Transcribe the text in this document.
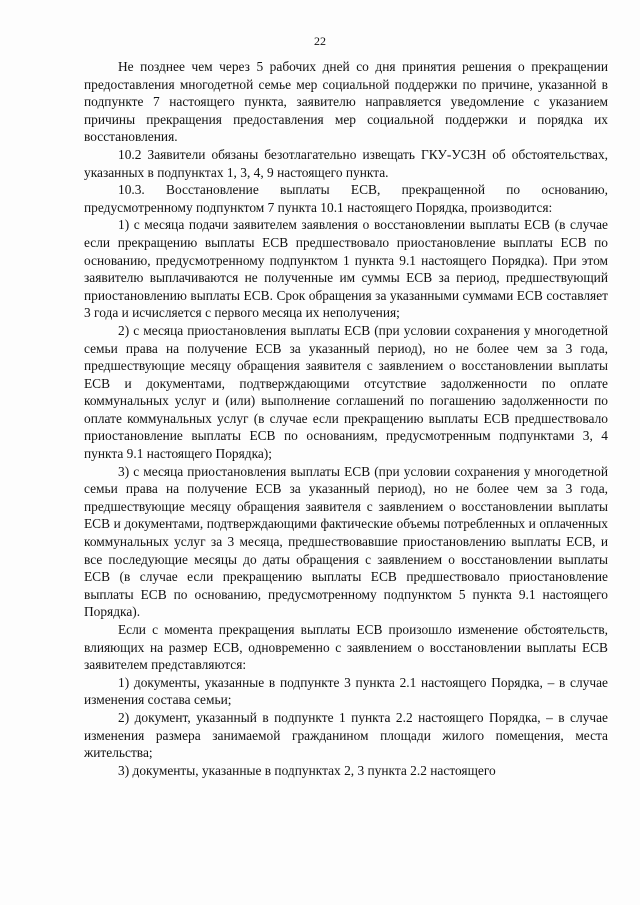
22

Не позднее чем через 5 рабочих дней со дня принятия решения о прекращении предоставления многодетной семье мер социальной поддержки по причине, указанной в подпункте 7 настоящего пункта, заявителю направляется уведомление с указанием причины прекращения предоставления мер социальной поддержки и порядка их восстановления.

10.2 Заявители обязаны безотлагательно извещать ГКУ-УСЗН об обстоятельствах, указанных в подпунктах 1, 3, 4, 9 настоящего пункта.

10.3. Восстановление выплаты ЕСВ, прекращенной по основанию, предусмотренному подпунктом 7 пункта 10.1 настоящего Порядка, производится:

1) с месяца подачи заявителем заявления о восстановлении выплаты ЕСВ (в случае если прекращению выплаты ЕСВ предшествовало приостановление выплаты ЕСВ по основанию, предусмотренному подпунктом 1 пункта 9.1 настоящего Порядка). При этом заявителю выплачиваются не полученные им суммы ЕСВ за период, предшествующий приостановлению выплаты ЕСВ. Срок обращения за указанными суммами ЕСВ составляет 3 года и исчисляется с первого месяца их неполучения;

2) с месяца приостановления выплаты ЕСВ (при условии сохранения у многодетной семьи права на получение ЕСВ за указанный период), но не более чем за 3 года, предшествующие месяцу обращения заявителя с заявлением о восстановлении выплаты ЕСВ и документами, подтверждающими отсутствие задолженности по оплате коммунальных услуг и (или) выполнение соглашений по погашению задолженности по оплате коммунальных услуг (в случае если прекращению выплаты ЕСВ предшествовало приостановление выплаты ЕСВ по основаниям, предусмотренным подпунктами 3, 4 пункта 9.1 настоящего Порядка);

3) с месяца приостановления выплаты ЕСВ (при условии сохранения у многодетной семьи права на получение ЕСВ за указанный период), но не более чем за 3 года, предшествующие месяцу обращения заявителя с заявлением о восстановлении выплаты ЕСВ и документами, подтверждающими фактические объемы потребленных и оплаченных коммунальных услуг за 3 месяца, предшествовавшие приостановлению выплаты ЕСВ, и все последующие месяцы до даты обращения с заявлением о восстановлении выплаты ЕСВ (в случае если прекращению выплаты ЕСВ предшествовало приостановление выплаты ЕСВ по основанию, предусмотренному подпунктом 5 пункта 9.1 настоящего Порядка).

Если с момента прекращения выплаты ЕСВ произошло изменение обстоятельств, влияющих на размер ЕСВ, одновременно с заявлением о восстановлении выплаты ЕСВ заявителем представляются:

1) документы, указанные в подпункте 3 пункта 2.1 настоящего Порядка, – в случае изменения состава семьи;

2) документ, указанный в подпункте 1 пункта 2.2 настоящего Порядка, – в случае изменения размера занимаемой гражданином площади жилого помещения, места жительства;

3) документы, указанные в подпунктах 2, 3 пункта 2.2 настоящего
